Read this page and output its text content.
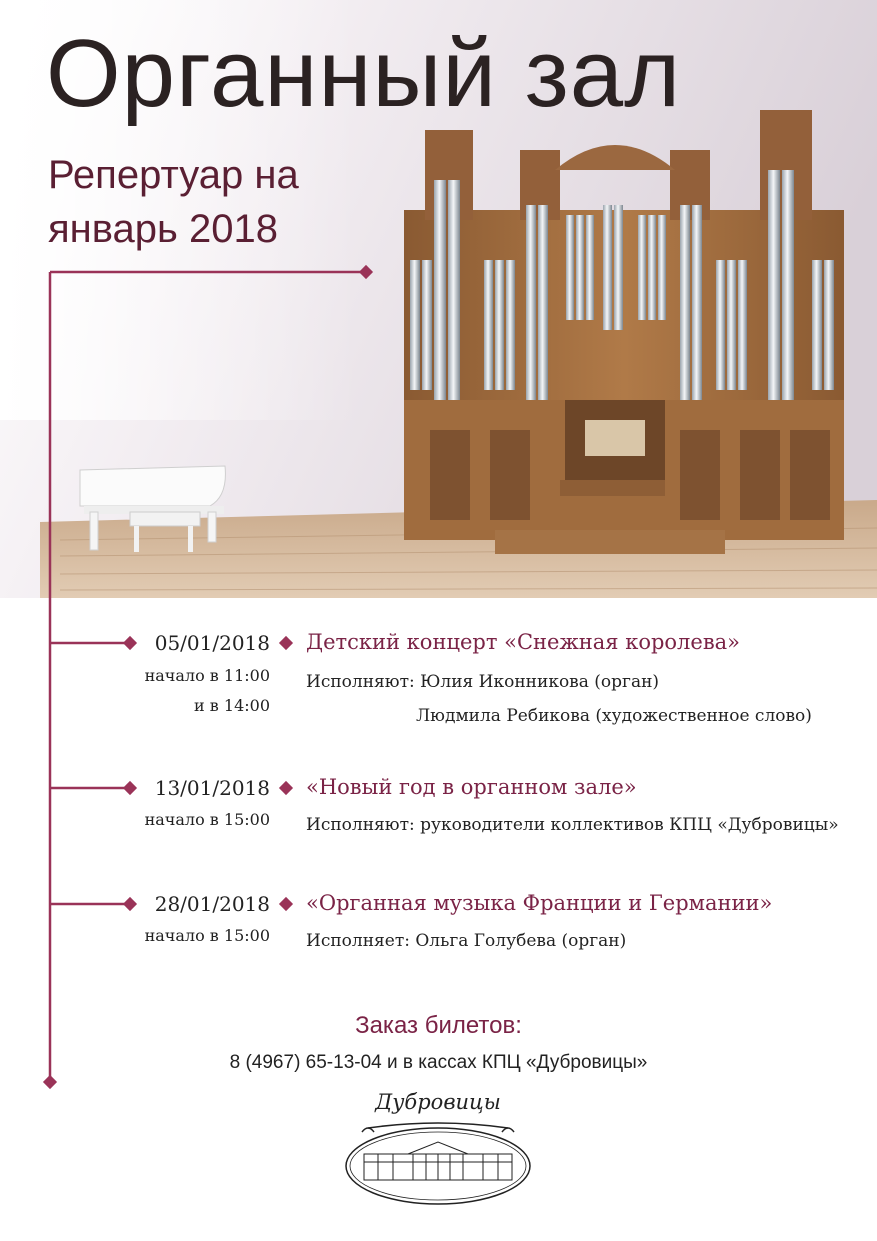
Органный зал
Репертуар на
январь 2018
05/01/2018
начало в 11:00
и в 14:00
Детский концерт «Снежная королева»
Исполняют: Юлия Иконникова (орган)
Людмила Ребикова (художественное слово)
13/01/2018
начало в 15:00
«Новый год в органном зале»
Исполняют: руководители коллективов КПЦ «Дубровицы»
28/01/2018
начало в 15:00
«Органная музыка Франции и Германии»
Исполняет: Ольга Голубева (орган)
Заказ билетов:
8 (4967) 65-13-04 и в кассах КПЦ «Дубровицы»
Дубровицы
